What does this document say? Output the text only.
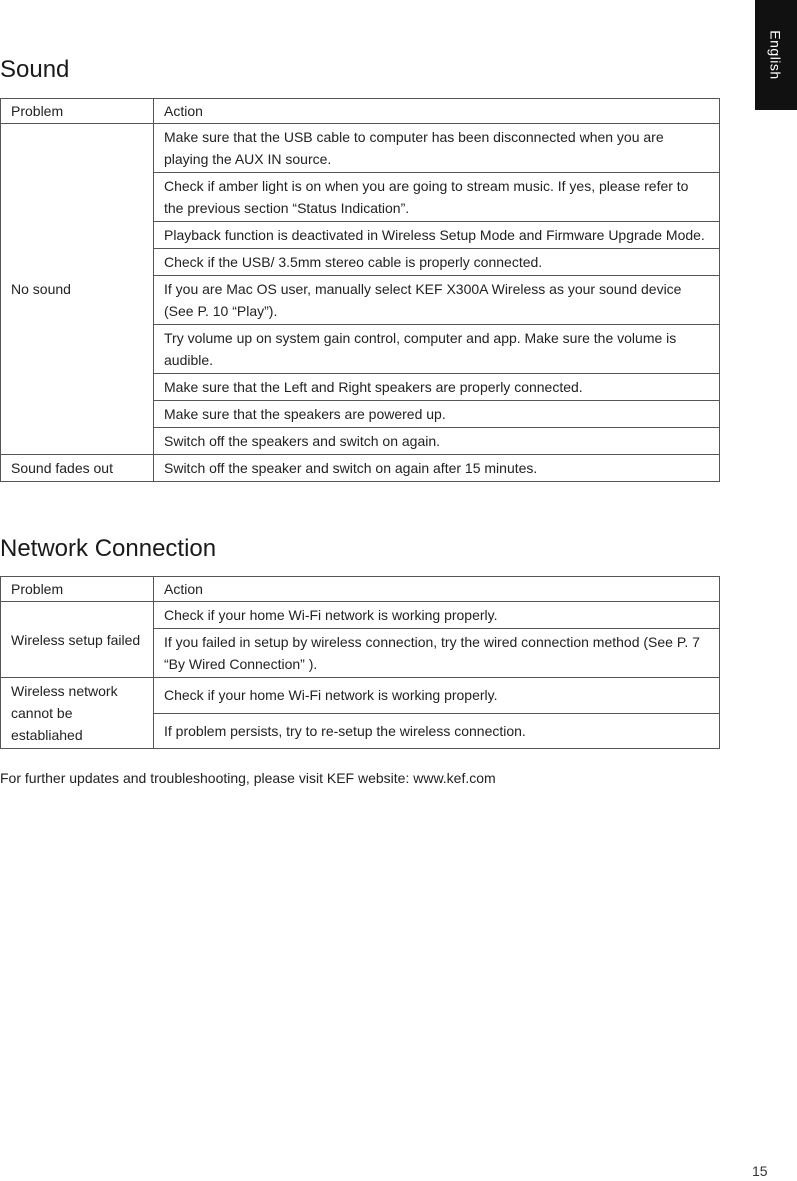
English
Sound
Problem	Action
No sound	Make sure that the USB cable to computer has been disconnected when you are playing the AUX IN source.
	Check if amber light is on when you are going to stream music. If yes, please refer to the previous section “Status Indication”.
	Playback function is deactivated in Wireless Setup Mode and Firmware Upgrade Mode.
	Check if the USB/ 3.5mm stereo cable is properly connected.
	If you are Mac OS user, manually select KEF X300A Wireless as your sound device (See P. 10 “Play”).
	Try volume up on system gain control, computer and app. Make sure the volume is audible.
	Make sure that the Left and Right speakers are properly connected.
	Make sure that the speakers are powered up.
	Switch off the speakers and switch on again.
Sound fades out	Switch off the speaker and switch on again after 15 minutes.
Network Connection
Problem	Action
Wireless setup failed	Check if your home Wi-Fi network is working properly.
	If you failed in setup by wireless connection, try the wired connection method (See P. 7 “By Wired Connection” ).
Wireless network cannot be establiahed	Check if your home Wi-Fi network is working properly.
	If problem persists, try to re-setup the wireless connection.
For further updates and troubleshooting, please visit KEF website: www.kef.com
15
